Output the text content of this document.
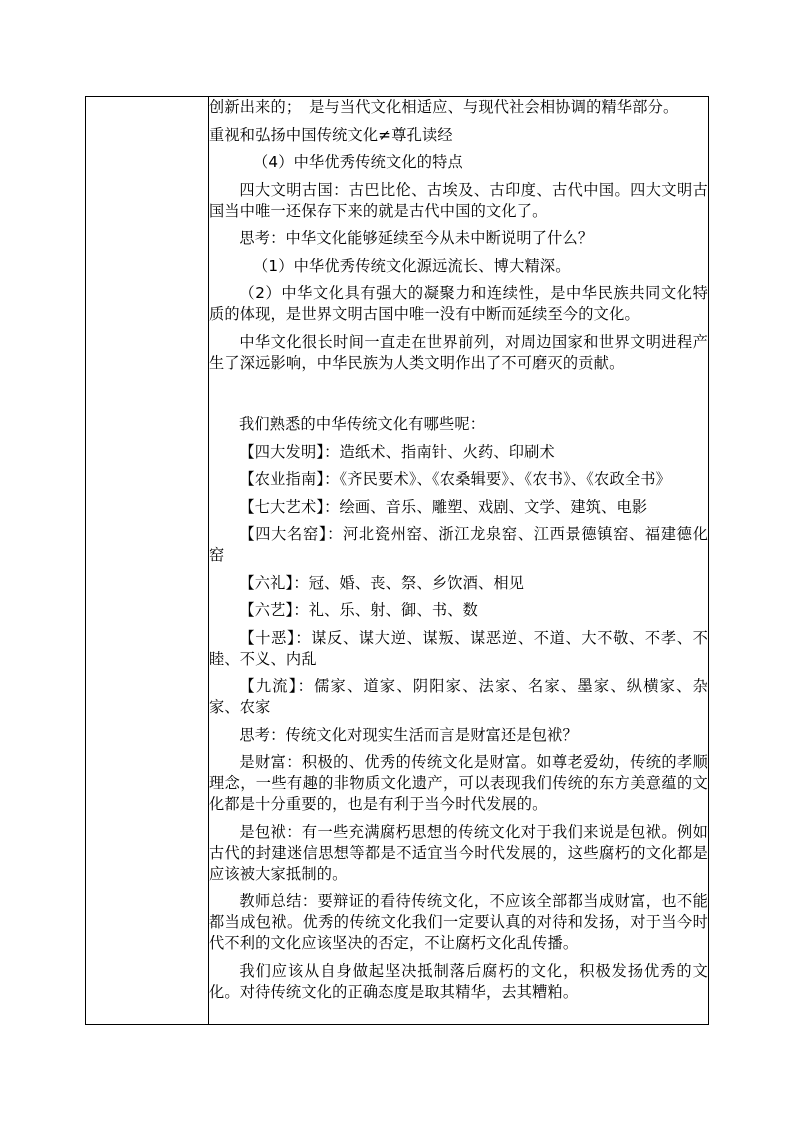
创新出来的；　是与当代文化相适应、与现代社会相协调的精华部分。

重视和弘扬中国传统文化≠尊孔读经

（4）中华优秀传统文化的特点

四大文明古国：古巴比伦、古埃及、古印度、古代中国。四大文明古国当中唯一还保存下来的就是古代中国的文化了。

思考：中华文化能够延续至今从未中断说明了什么？

（1）中华优秀传统文化源远流长、博大精深。

（2）中华文化具有强大的凝聚力和连续性，是中华民族共同文化特质的体现，是世界文明古国中唯一没有中断而延续至今的文化。

中华文化很长时间一直走在世界前列，对周边国家和世界文明进程产生了深远影响，中华民族为人类文明作出了不可磨灭的贡献。

我们熟悉的中华传统文化有哪些呢：

【四大发明】：造纸术、指南针、火药、印刷术

【农业指南】：《齐民要术》、《农桑辑要》、《农书》、《农政全书》

【七大艺术】：绘画、音乐、雕塑、戏剧、文学、建筑、电影

【四大名窑】：河北瓷州窑、浙江龙泉窑、江西景德镇窑、福建德化窑

【六礼】：冠、婚、丧、祭、乡饮酒、相见

【六艺】：礼、乐、射、御、书、数

【十恶】：谋反、谋大逆、谋叛、谋恶逆、不道、大不敬、不孝、不睦、不义、内乱

【九流】：儒家、道家、阴阳家、法家、名家、墨家、纵横家、杂家、农家

思考：传统文化对现实生活而言是财富还是包袱？

是财富：积极的、优秀的传统文化是财富。如尊老爱幼，传统的孝顺理念，一些有趣的非物质文化遗产，可以表现我们传统的东方美意蕴的文化都是十分重要的，也是有利于当今时代发展的。

是包袱：有一些充满腐朽思想的传统文化对于我们来说是包袱。例如古代的封建迷信思想等都是不适宜当今时代发展的，这些腐朽的文化都是应该被大家抵制的。

教师总结：要辩证的看待传统文化，不应该全部都当成财富，也不能都当成包袱。优秀的传统文化我们一定要认真的对待和发扬，对于当今时代不利的文化应该坚决的否定，不让腐朽文化乱传播。

我们应该从自身做起坚决抵制落后腐朽的文化，积极发扬优秀的文化。对待传统文化的正确态度是取其精华，去其糟粕。
